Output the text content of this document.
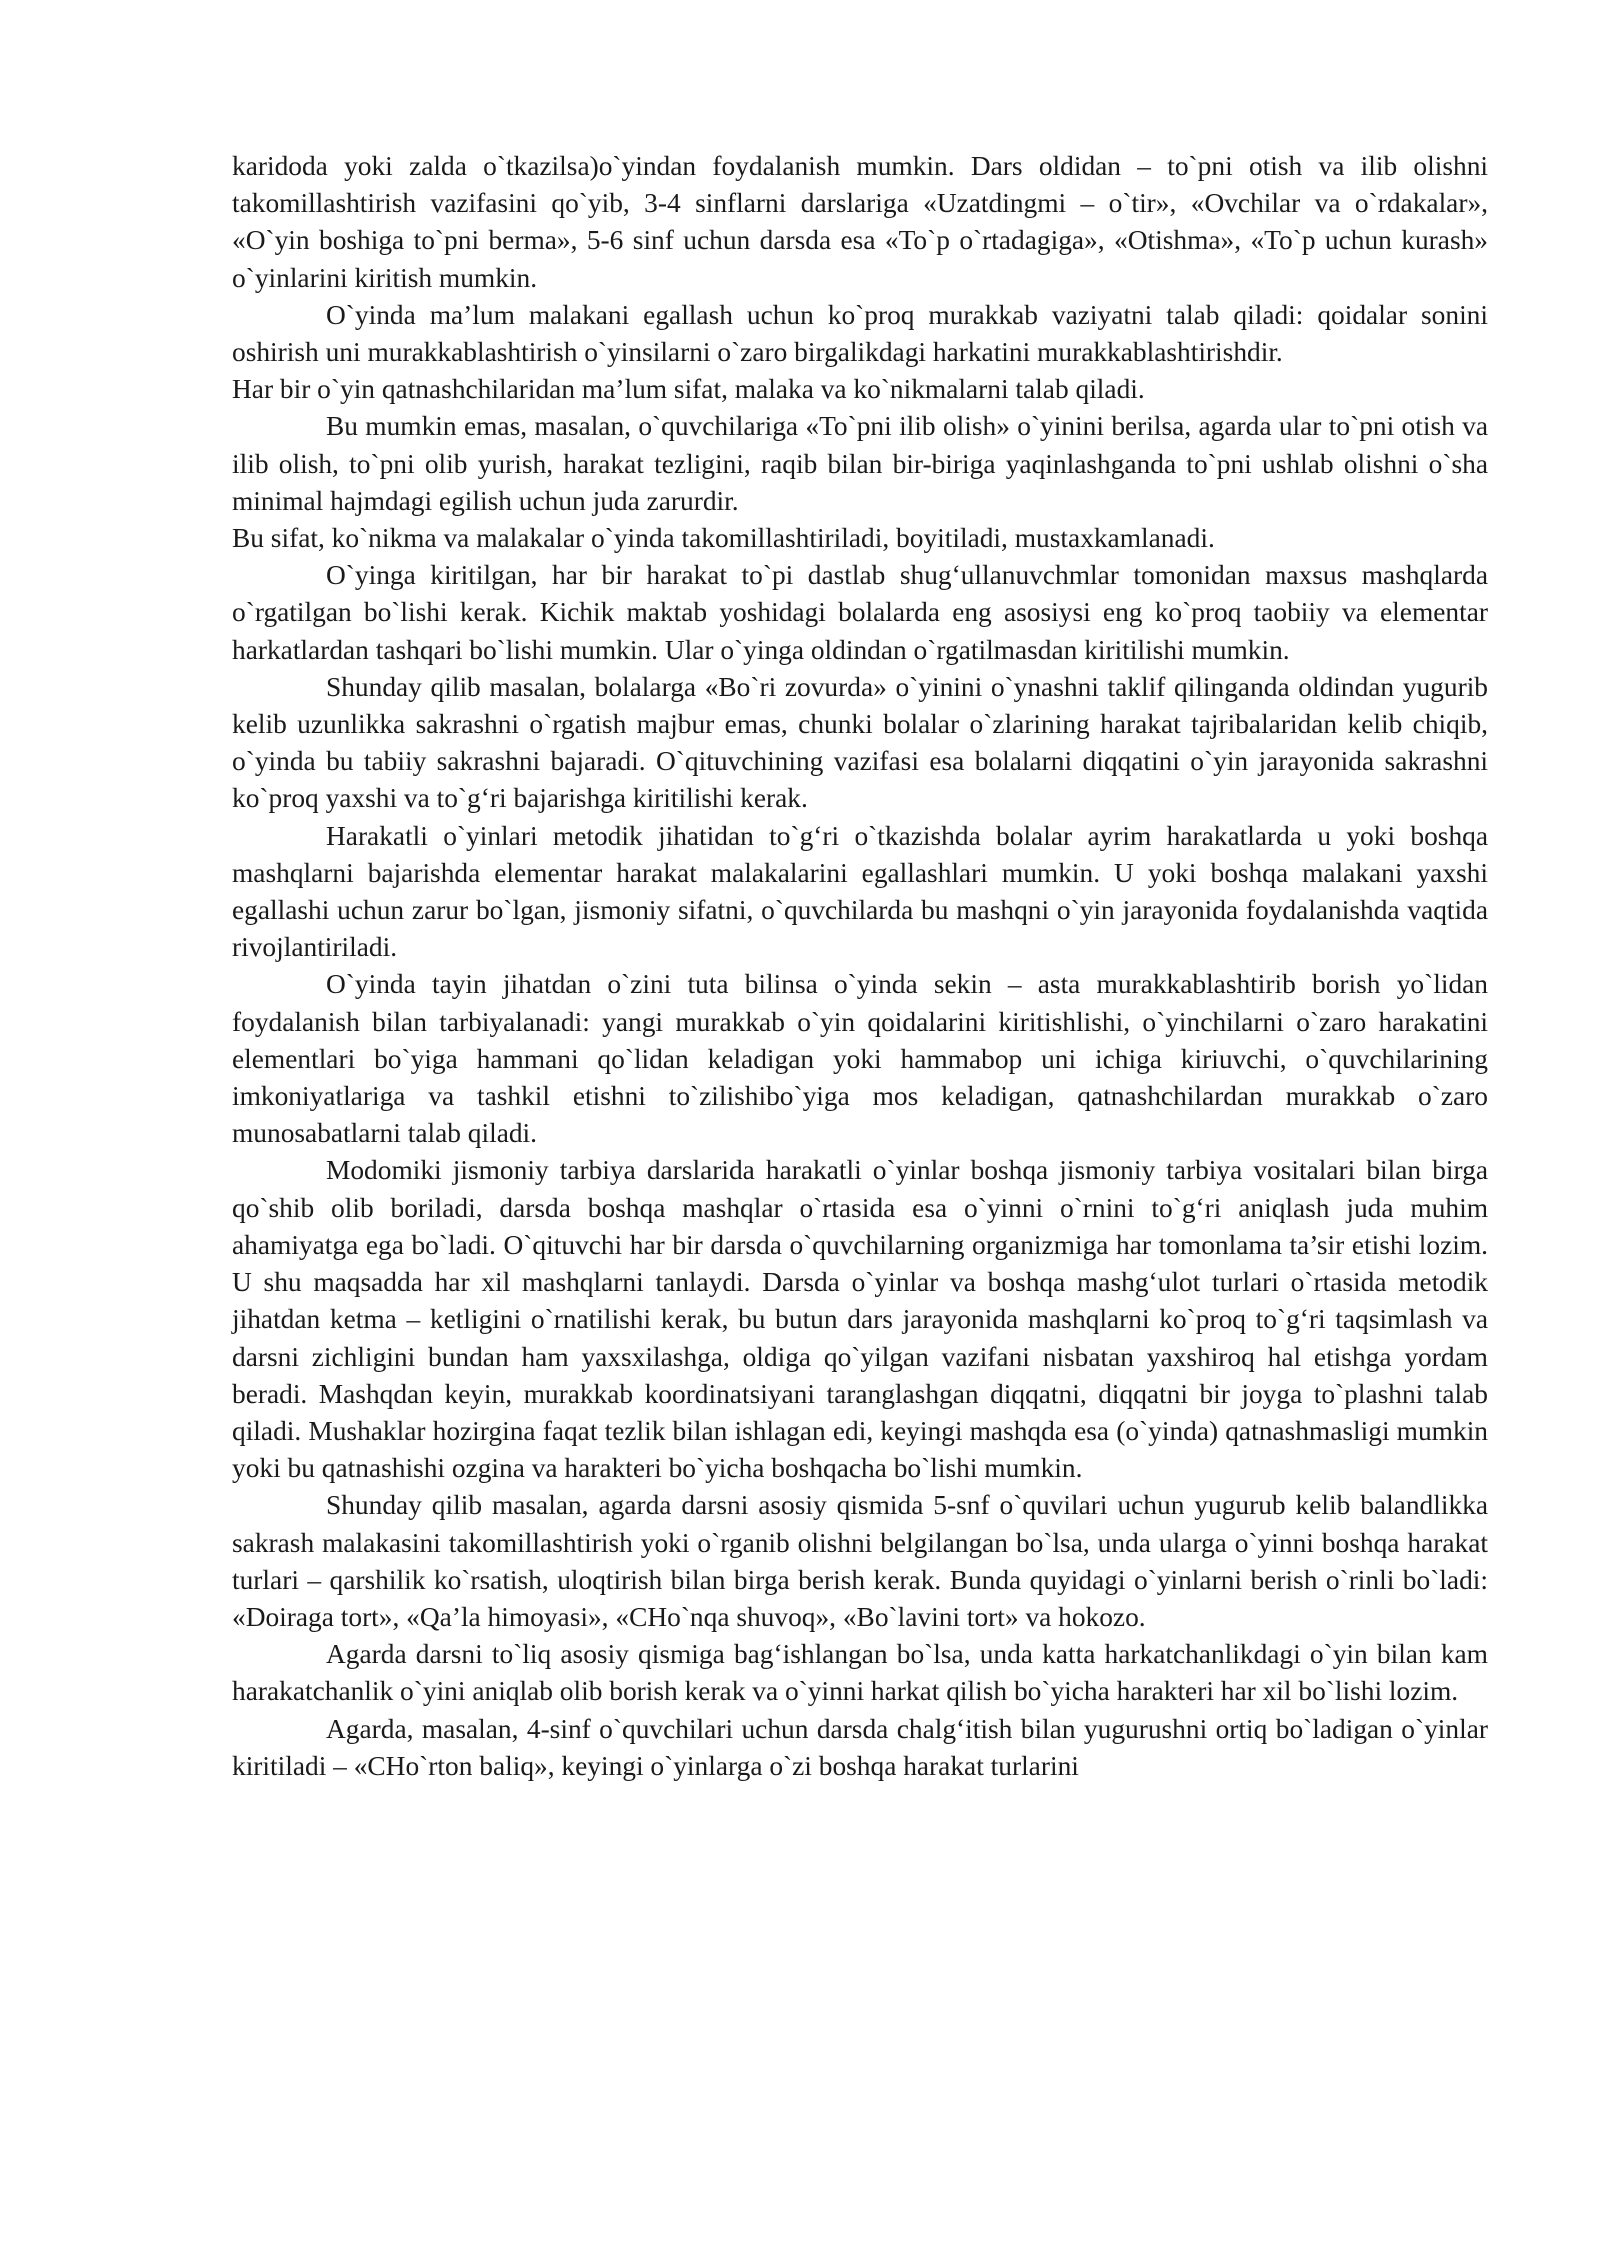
karidoda yoki zalda o`tkazilsa)o`yindan foydalanish mumkin. Dars oldidan – to`pni otish va ilib olishni takomillashtirish vazifasini qo`yib, 3-4 sinflarni darslariga «Uzatdingmi – o`tir», «Ovchilar va o`rdakalar», «O`yin boshiga to`pni berma», 5-6 sinf uchun darsda esa «To`p o`rtadagiga», «Otishma», «To`p uchun kurash» o`yinlarini kiritish mumkin.

O`yinda ma’lum malakani egallash uchun ko`proq murakkab vaziyatni talab qiladi: qoidalar sonini oshirish uni murakkablashtirish o`yinsilarni o`zaro birgalikdagi harkatini murakkablashtirishdir.

Har bir o`yin qatnashchilaridan ma’lum sifat, malaka va ko`nikmalarni talab qiladi.

Bu mumkin emas, masalan, o`quvchilariga «To`pni ilib olish» o`yinini berilsa, agarda ular to`pni otish va ilib olish, to`pni olib yurish, harakat tezligini, raqib bilan bir-biriga yaqinlashganda to`pni ushlab olishni o`sha minimal hajmdagi egilish uchun juda zarurdir.

Bu sifat, ko`nikma va malakalar o`yinda takomillashtiriladi, boyitiladi, mustaxkamlanadi.

O`yinga kiritilgan, har bir harakat to`pi dastlab shug‘ullanuvchmlar tomonidan maxsus mashqlarda o`rgatilgan bo`lishi kerak. Kichik maktab yoshidagi bolalarda eng asosiysi eng ko`proq taobiiy va elementar harkatlardan tashqari bo`lishi mumkin. Ular o`yinga oldindan o`rgatilmasdan kiritilishi mumkin.

Shunday qilib masalan, bolalarga «Bo`ri zovurda» o`yinini o`ynashni taklif qilinganda oldindan yugurib kelib uzunlikka sakrashni o`rgatish majbur emas, chunki bolalar o`zlarining harakat tajribalaridan kelib chiqib, o`yinda bu tabiiy sakrashni bajaradi. O`qituvchining vazifasi esa bolalarni diqqatini o`yin jarayonida sakrashni ko`proq yaxshi va to`g‘ri bajarishga kiritilishi kerak.

Harakatli o`yinlari metodik jihatidan to`g‘ri o`tkazishda bolalar ayrim harakatlarda u yoki boshqa mashqlarni bajarishda elementar harakat malakalarini egallashlari mumkin. U yoki boshqa malakani yaxshi egallashi uchun zarur bo`lgan, jismoniy sifatni, o`quvchilarda bu mashqni o`yin jarayonida foydalanishda vaqtida rivojlantiriladi.

O`yinda tayin jihatdan o`zini tuta bilinsa o`yinda sekin – asta murakkablashtirib borish yo`lidan foydalanish bilan tarbiyalanadi: yangi murakkab o`yin qoidalarini kiritishlishi, o`yinchilarni o`zaro harakatini elementlari bo`yiga hammani qo`lidan keladigan yoki hammabop uni ichiga kiriuvchi, o`quvchilarining imkoniyatlariga va tashkil etishni to`zilishibo`yiga mos keladigan, qatnashchilardan murakkab o`zaro munosabatlarni talab qiladi.

Modomiki jismoniy tarbiya darslarida harakatli o`yinlar boshqa jismoniy tarbiya vositalari bilan birga qo`shib olib boriladi, darsda boshqa mashqlar o`rtasida esa o`yinni o`rnini to`g‘ri aniqlash juda muhim ahamiyatga ega bo`ladi. O`qituvchi har bir darsda o`quvchilarning organizmiga har tomonlama ta’sir etishi lozim. U shu maqsadda har xil mashqlarni tanlaydi. Darsda o`yinlar va boshqa mashg‘ulot turlari o`rtasida metodik jihatdan ketma – ketligini o`rnatilishi kerak, bu butun dars jarayonida mashqlarni ko`proq to`g‘ri taqsimlash va darsni zichligini bundan ham yaxsxilashga, oldiga qo`yilgan vazifani nisbatan yaxshiroq hal etishga yordam beradi. Mashqdan keyin, murakkab koordinatsiyani taranglashgan diqqatni, diqqatni bir joyga to`plashni talab qiladi. Mushaklar hozirgina faqat tezlik bilan ishlagan edi, keyingi mashqda esa (o`yinda) qatnashmasligi mumkin yoki bu qatnashishi ozgina va harakteri bo`yicha boshqacha bo`lishi mumkin.

Shunday qilib masalan, agarda darsni asosiy qismida 5-snf o`quvilari uchun yugurub kelib balandlikka sakrash malakasini takomillashtirish yoki o`rganib olishni belgilangan bo`lsa, unda ularga o`yinni boshqa harakat turlari – qarshilik ko`rsatish, uloqtirish bilan birga berish kerak. Bunda quyidagi o`yinlarni berish o`rinli bo`ladi: «Doiraga tort», «Qa’la himoyasi», «CHo`nqa shuvoq», «Bo`lavini tort» va hokozo.

Agarda darsni to`liq asosiy qismiga bag‘ishlangan bo`lsa, unda katta harkatchanlikdagi o`yin bilan kam harakatchanlik o`yini aniqlab olib borish kerak va o`yinni harkat qilish bo`yicha harakteri har xil bo`lishi lozim.

Agarda, masalan, 4-sinf o`quvchilari uchun darsda chalg‘itish bilan yugurushni ortiq bo`ladigan o`yinlar kiritiladi – «CHo`rton baliq», keyingi o`yinlarga o`zi boshqa harakat turlarini
